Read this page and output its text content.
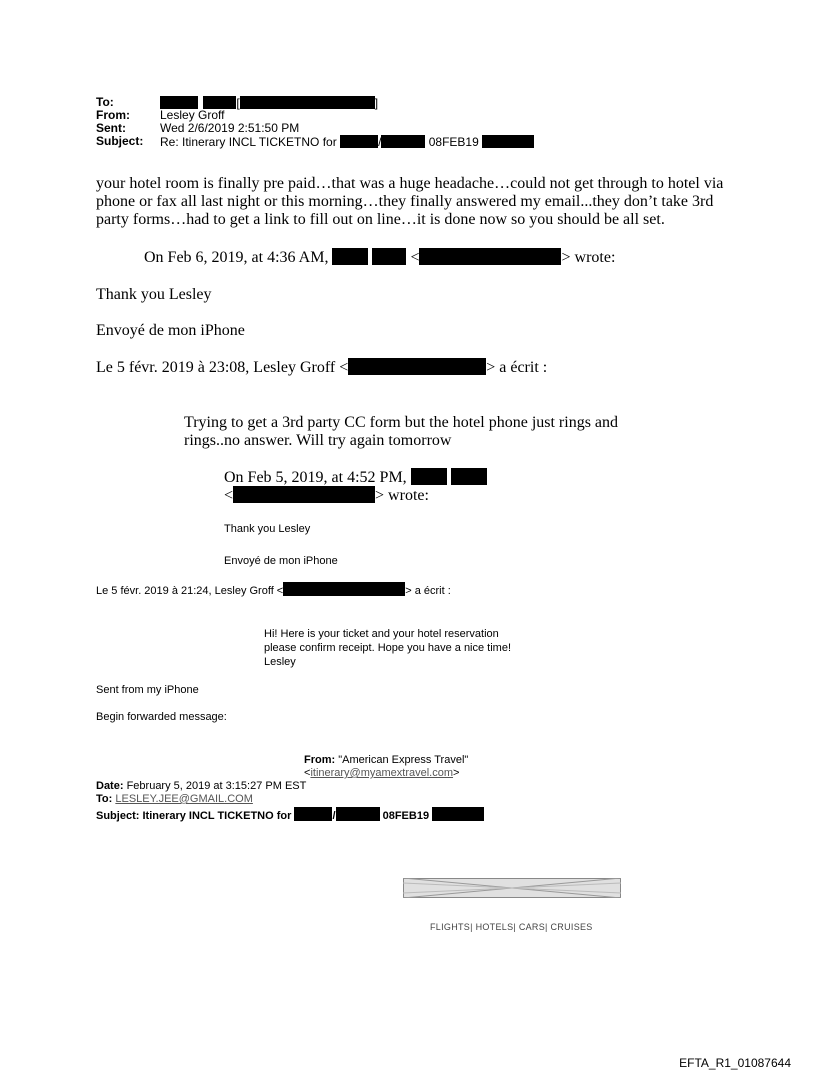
To:	[	]
From:	Lesley Groff
Sent:	Wed 2/6/2019 2:51:50 PM
Subject: Re: Itinerary INCL TICKETNO for	/	08FEB19
your hotel room is finally pre paid…that was a huge headache…could not get through to hotel via
phone or fax all last night or this morning…they finally answered my email...they don’t take 3rd
party forms…had to get a link to fill out on line…it is done now so you should be all set.
On Feb 6, 2019, at 4:36 AM,	<	> wrote:
Thank you Lesley
Envoyé de mon iPhone
Le 5 févr. 2019 à 23:08, Lesley Groff <	> a écrit :
Trying to get a 3rd party CC form but the hotel phone just rings and
rings..no answer. Will try again tomorrow
On Feb 5, 2019, at 4:52 PM,
<	> wrote:
Thank you Lesley
Envoyé de mon iPhone
Le 5 févr. 2019 à 21:24, Lesley Groff <	> a écrit :
Hi! Here is your ticket and your hotel reservation
please confirm receipt. Hope you have a nice time!
Lesley
Sent from my iPhone
Begin forwarded message:
From: "American Express Travel"
<itinerary@myamextravel.com>
Date: February 5, 2019 at 3:15:27 PM EST
To: LESLEY.JEE@GMAIL.COM
Subject: Itinerary INCL TICKETNO for	/	08FEB19
FLIGHTS| HOTELS| CARS| CRUISES
EFTA_R1_01087644
